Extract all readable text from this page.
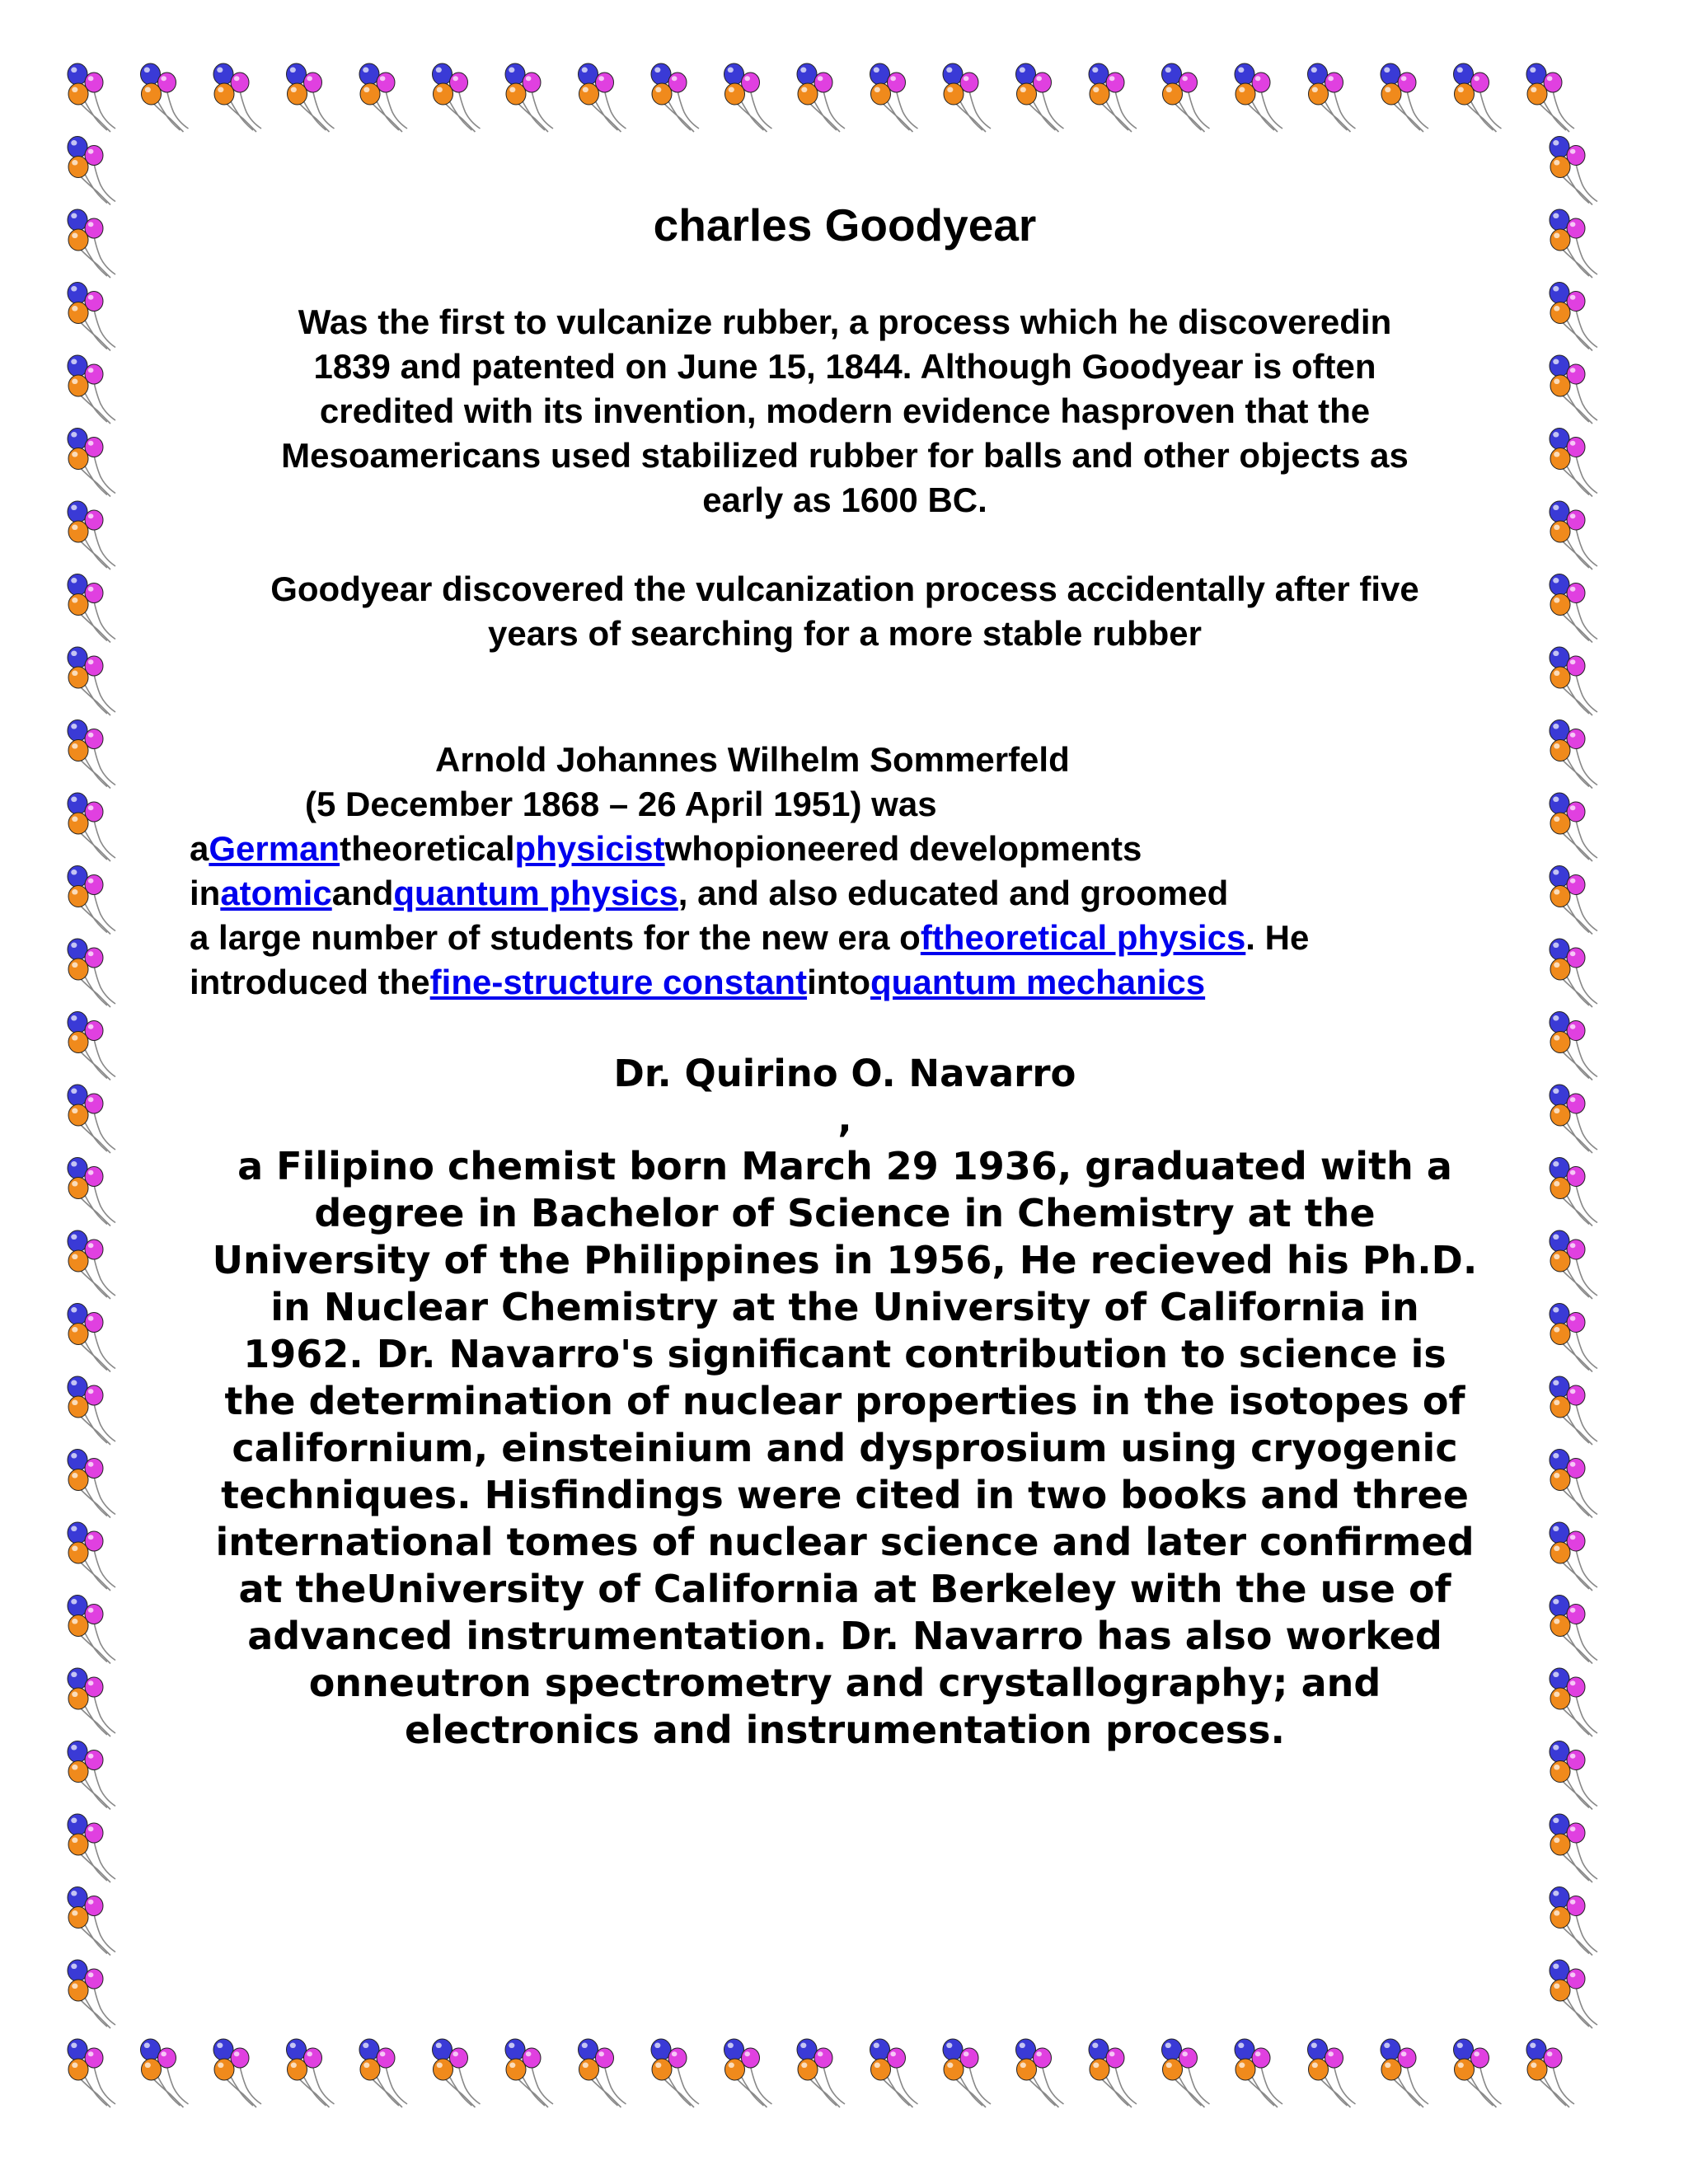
charles Goodyear
Was the first to vulcanize rubber, a process which he discoveredin
1839 and patented on June 15, 1844. Although Goodyear is often
credited with its invention, modern evidence hasproven that the
Mesoamericans used stabilized rubber for balls and other objects as
early as 1600 BC.
Goodyear discovered the vulcanization process accidentally after five
years of searching for a more stable rubber
Arnold Johannes Wilhelm Sommerfeld
(5 December 1868 – 26 April 1951) was
aGermantheoreticalphysicistwhopioneered developments
inatomicandquantum physics, and also educated and groomed
a large number of students for the new era oftheoretical physics. He
introduced thefine-structure constantintoquantum mechanics
Dr. Quirino O. Navarro
,
a Filipino chemist born March 29 1936, graduated with a
degree in Bachelor of Science in Chemistry at the
University of the Philippines in 1956, He recieved his Ph.D.
in Nuclear Chemistry at the University of California in
1962. Dr. Navarro's significant contribution to science is
the determination of nuclear properties in the isotopes of
californium, einsteinium and dysprosium using cryogenic
techniques. Hisfindings were cited in two books and three
international tomes of nuclear science and later confirmed
at theUniversity of California at Berkeley with the use of
advanced instrumentation. Dr. Navarro has also worked
onneutron spectrometry and crystallography; and
electronics and instrumentation process.
